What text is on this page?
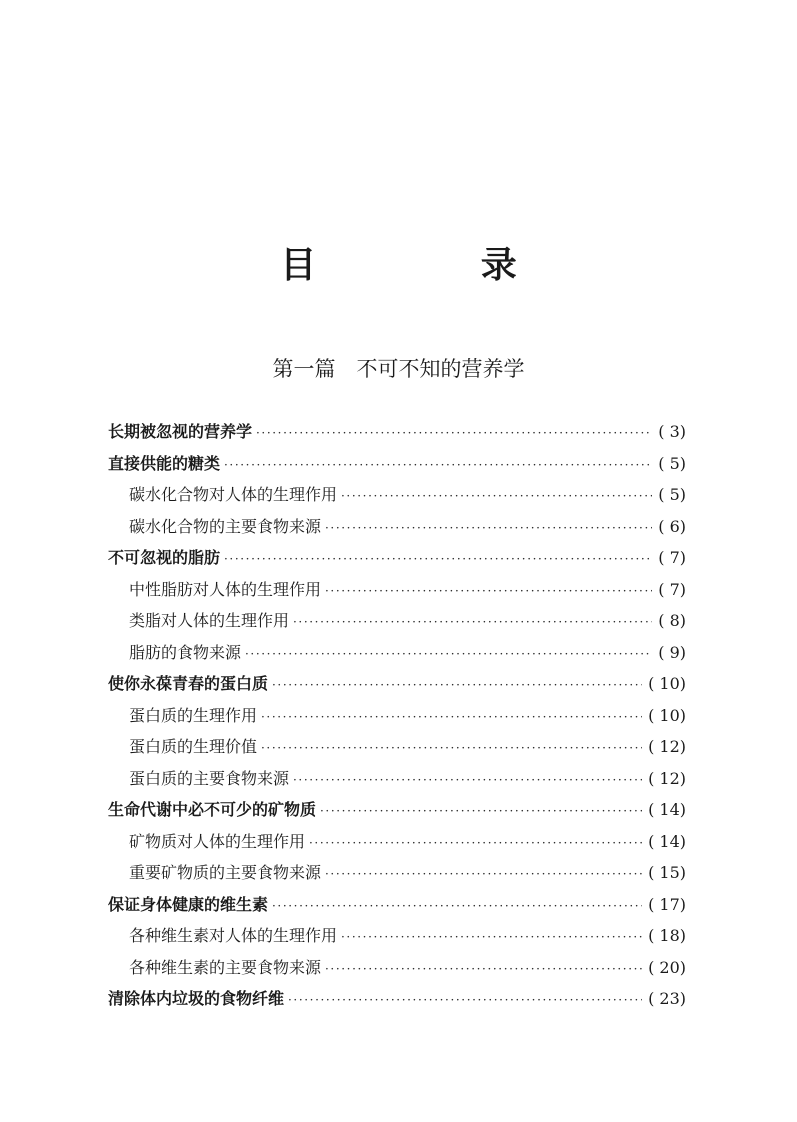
目 录
第一篇　不可不知的营养学
长期被忽视的营养学 ·····	( 3)
直接供能的糖类 ·····	( 5)
碳水化合物对人体的生理作用 ·····	( 5)
碳水化合物的主要食物来源 ·····	( 6)
不可忽视的脂肪 ·····	( 7)
中性脂肪对人体的生理作用 ·····	( 7)
类脂对人体的生理作用 ·····	( 8)
脂肪的食物来源 ·····	( 9)
使你永葆青春的蛋白质 ·····	( 10)
蛋白质的生理作用 ·····	( 10)
蛋白质的生理价值 ·····	( 12)
蛋白质的主要食物来源 ·····	( 12)
生命代谢中必不可少的矿物质 ·····	( 14)
矿物质对人体的生理作用 ·····	( 14)
重要矿物质的主要食物来源 ·····	( 15)
保证身体健康的维生素 ·····	( 17)
各种维生素对人体的生理作用 ·····	( 18)
各种维生素的主要食物来源 ·····	( 20)
清除体内垃圾的食物纤维 ·····	( 23)
